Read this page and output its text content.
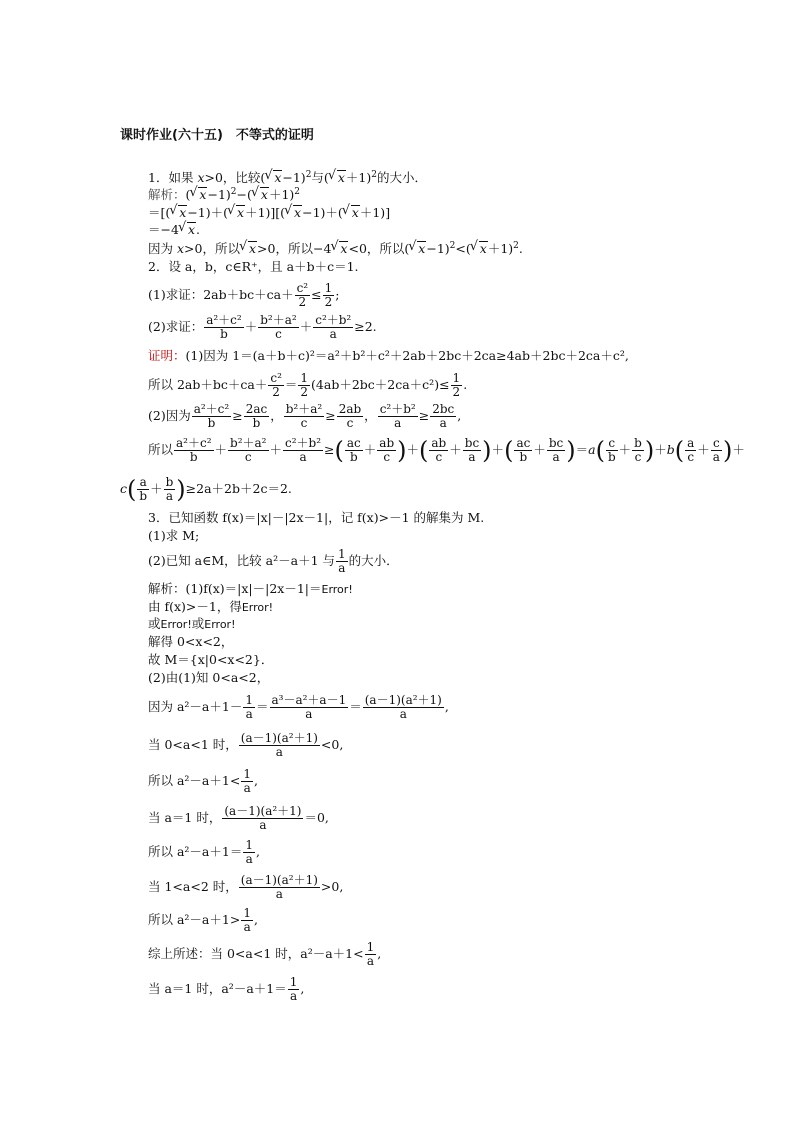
课时作业(六十五)　不等式的证明
1．如果 x>0，比较( √ x−1)$^2$与( √ x＋1)$^2$的大小．
解析：( √ x−1)$^2$−( √ x＋1)$^2$
＝[( √ x−1)＋( √ x＋1)][( √ x−1)＋( √ x＋1)]
＝−4 √ x.
因为 x>0，所以 √ x>0，所以−4 √ x<0，所以( √ x−1)$^2$<( √ x＋1)$^2$.
2．设 a，b，c∈R⁺，且 a＋b＋c＝1.
(1)求证：$2ab+bc+ca+ \frac{\text{c²}}{2} \le \frac{1}{2}$ ;
(2)求证： $\frac{\text{a²＋c²}}{b} + \frac{\text{b²＋a²}}{c} + \frac{\text{c²＋b²}}{a} \ge 2$.
证明：(1)因为 1＝(a＋b＋c)²＝a²＋b²＋c²＋2ab＋2bc＋2ca≥4ab＋2bc＋2ca＋c²,
所以 $2ab+bc+ca+ \frac{\text{c²}}{2} = \frac{1}{2} (4ab+2bc+2ca+c^2)\le \frac{1}{2}$ .
(2)因为 $\frac{\text{a²＋c²}}{b} \ge \frac{2ac}{b}$ ， $\frac{\text{b²＋a²}}{c} \ge \frac{2ab}{c}$ ， $\frac{\text{c²＋b²}}{a} \ge \frac{2bc}{a}$ ,
所以 $\frac{\text{a²＋c²}}{b} + \frac{\text{b²＋a²}}{c} + \frac{\text{c²＋b²}}{a}$ ≥( $\frac{ac}{b} + \frac{ab}{c}$ )＋( $\frac{ab}{c} + \frac{bc}{a}$ )＋( $\frac{ac}{b} + \frac{bc}{a} )=a( \frac{c}{b} + \frac{b}{c} )+b( \frac{a}{c} + \frac{c}{a}$ )＋
$c( \frac{a}{b} + \frac{b}{a} )\ge 2a+2b+2c=2$.
3．已知函数 f(x)＝|x|－|2x－1|，记 f(x)>－1 的解集为 M.
(1)求 M;
(2)已知 a∈M，比较 a²－a＋1 与 $\frac{1}{a}$ 的大小．
解析：(1)f(x)＝|x|－|2x－1|＝Error!
由 f(x)>－1，得Error!
或Error!或Error!
解得 0<x<2，
故 M＝{x|0<x<2}．
(2)由(1)知 0<a<2，
因为 $a^2-a+1- \frac{1}{a} = \frac{\text{a³－a²＋a－1}}{a} = \frac{\text{(a－1)(a²＋1)}}{a}$ ,
当 0<a<1 时， $\frac{\text{(a－1)(a²＋1)}}{a} <0$,
所以 $a^2-a+1< \frac{1}{a}$ ,
当 a＝1 时， $\frac{\text{(a－1)(a²＋1)}}{a} =0$,
所以 $a^2-a+1= \frac{1}{a}$ ,
当 1<a<2 时， $\frac{\text{(a－1)(a²＋1)}}{a} >0$,
所以 $a^2-a+1> \frac{1}{a}$ ,
综上所述：当 0<a<1 时，$a^2-a+1< \frac{1}{a}$ ,
当 a＝1 时，$a^2-a+1= \frac{1}{a}$ ,
